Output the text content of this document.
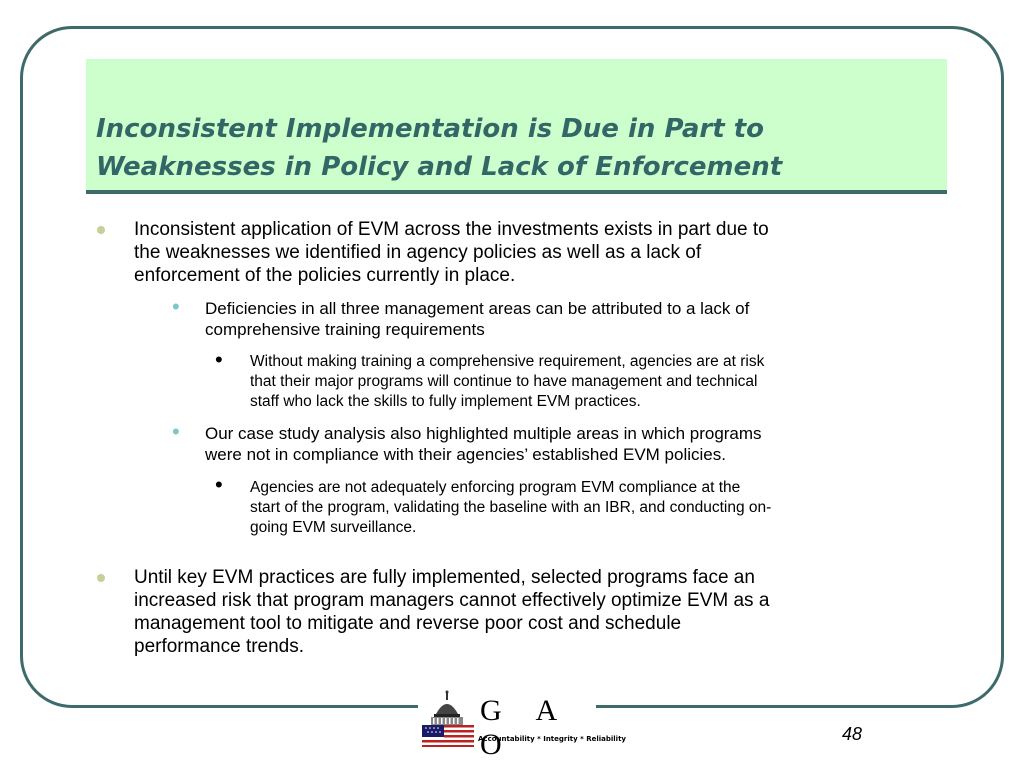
Inconsistent Implementation is Due in Part to
Weaknesses in Policy and Lack of Enforcement
Inconsistent application of EVM across the investments exists in part due to
the weaknesses we identified in agency policies as well as a lack of
enforcement of the policies currently in place.
• Deficiencies in all three management areas can be attributed to a lack of
comprehensive training requirements
• Without making training a comprehensive requirement, agencies are at risk
that their major programs will continue to have management and technical
staff who lack the skills to fully implement EVM practices.
• Our case study analysis also highlighted multiple areas in which programs
were not in compliance with their agencies’ established EVM policies.
• Agencies are not adequately enforcing program EVM compliance at the
start of the program, validating the baseline with an IBR, and conducting on-
going EVM surveillance.
Until key EVM practices are fully implemented, selected programs face an
increased risk that program managers cannot effectively optimize EVM as a
management tool to mitigate and reverse poor cost and schedule
performance trends.
G A O
Accountability * Integrity * Reliability	48
